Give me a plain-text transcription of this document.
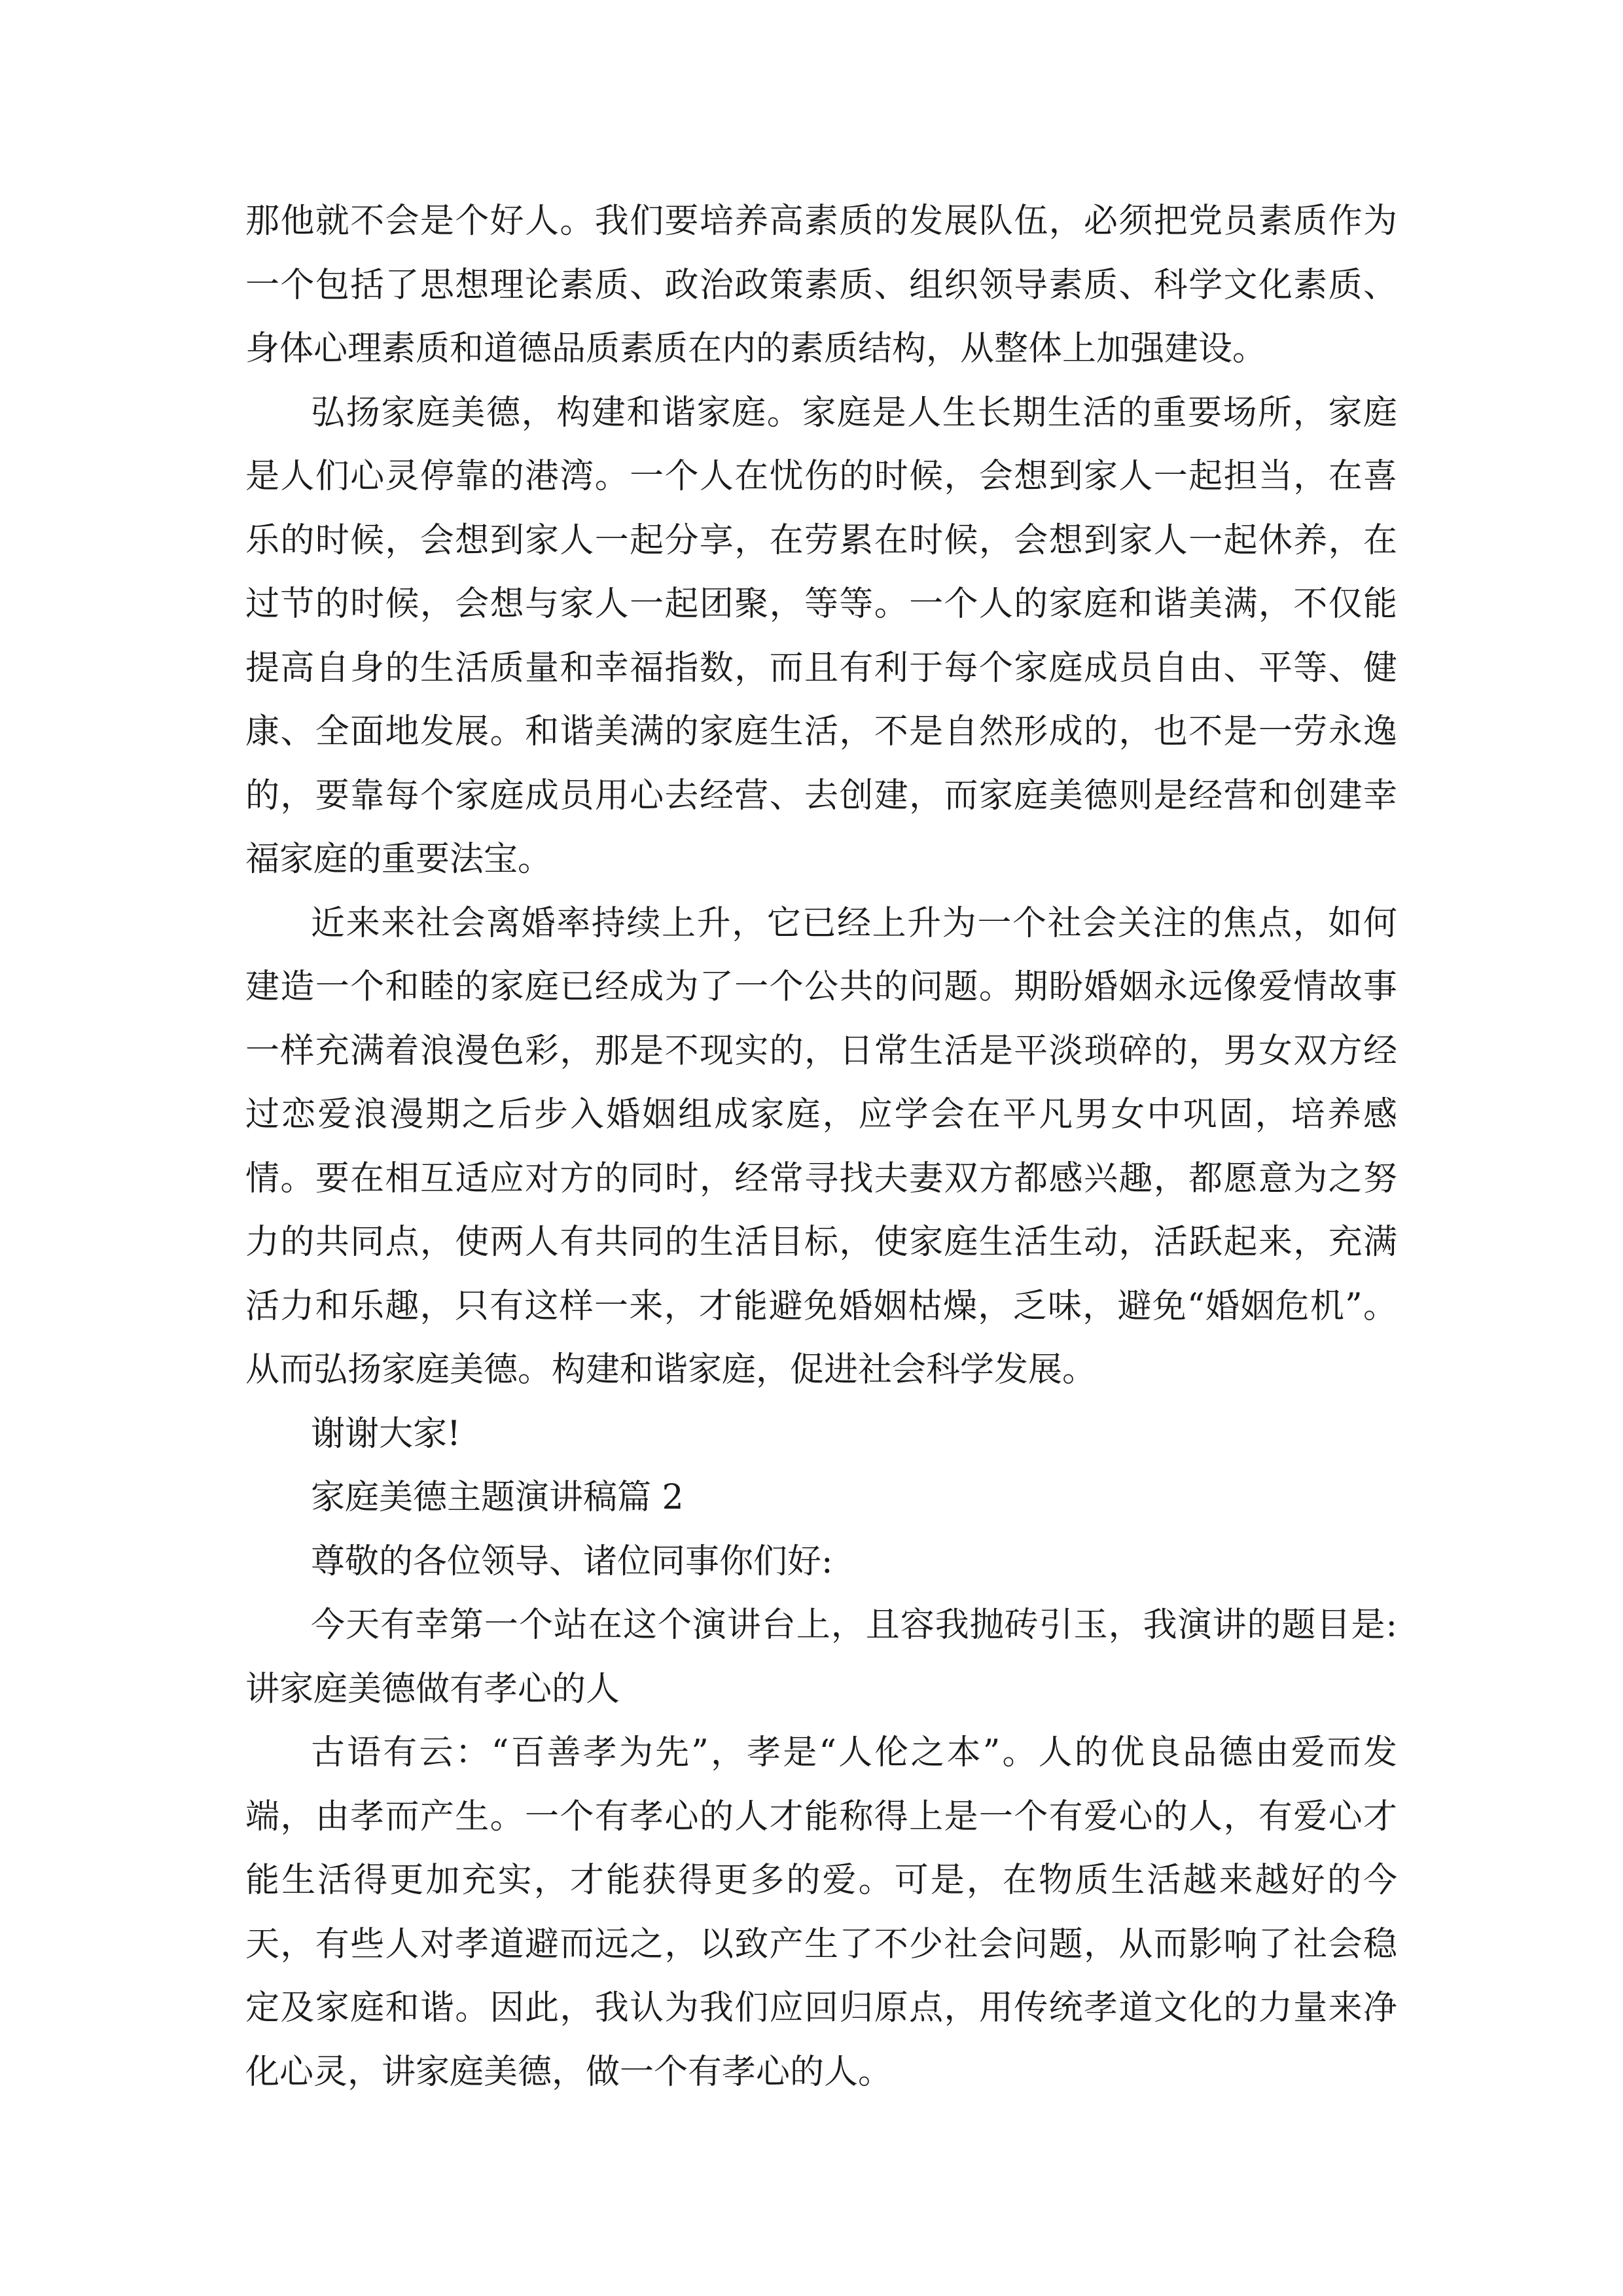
那他就不会是个好人。我们要培养高素质的发展队伍，必须把党员素质作为一个包括了思想理论素质、政治政策素质、组织领导素质、科学文化素质、身体心理素质和道德品质素质在内的素质结构，从整体上加强建设。

弘扬家庭美德，构建和谐家庭。家庭是人生长期生活的重要场所，家庭是人们心灵停靠的港湾。一个人在忧伤的时候，会想到家人一起担当，在喜乐的时候，会想到家人一起分享，在劳累在时候，会想到家人一起休养，在过节的时候，会想与家人一起团聚，等等。一个人的家庭和谐美满，不仅能提高自身的生活质量和幸福指数，而且有利于每个家庭成员自由、平等、健康、全面地发展。和谐美满的家庭生活，不是自然形成的，也不是一劳永逸的，要靠每个家庭成员用心去经营、去创建，而家庭美德则是经营和创建幸福家庭的重要法宝。

近来来社会离婚率持续上升，它已经上升为一个社会关注的焦点，如何建造一个和睦的家庭已经成为了一个公共的问题。期盼婚姻永远像爱情故事一样充满着浪漫色彩，那是不现实的，日常生活是平淡琐碎的，男女双方经过恋爱浪漫期之后步入婚姻组成家庭，应学会在平凡男女中巩固，培养感情。要在相互适应对方的同时，经常寻找夫妻双方都感兴趣，都愿意为之努力的共同点，使两人有共同的生活目标，使家庭生活生动，活跃起来，充满活力和乐趣，只有这样一来，才能避免婚姻枯燥，乏味，避免“婚姻危机”。从而弘扬家庭美德。构建和谐家庭，促进社会科学发展。

谢谢大家!

家庭美德主题演讲稿篇 2

尊敬的各位领导、诸位同事你们好:

今天有幸第一个站在这个演讲台上，且容我抛砖引玉，我演讲的题目是:讲家庭美德做有孝心的人

古语有云：“百善孝为先”，孝是“人伦之本”。人的优良品德由爱而发端，由孝而产生。一个有孝心的人才能称得上是一个有爱心的人，有爱心才能生活得更加充实，才能获得更多的爱。可是，在物质生活越来越好的今天，有些人对孝道避而远之，以致产生了不少社会问题，从而影响了社会稳定及家庭和谐。因此，我认为我们应回归原点，用传统孝道文化的力量来净化心灵，讲家庭美德，做一个有孝心的人。
